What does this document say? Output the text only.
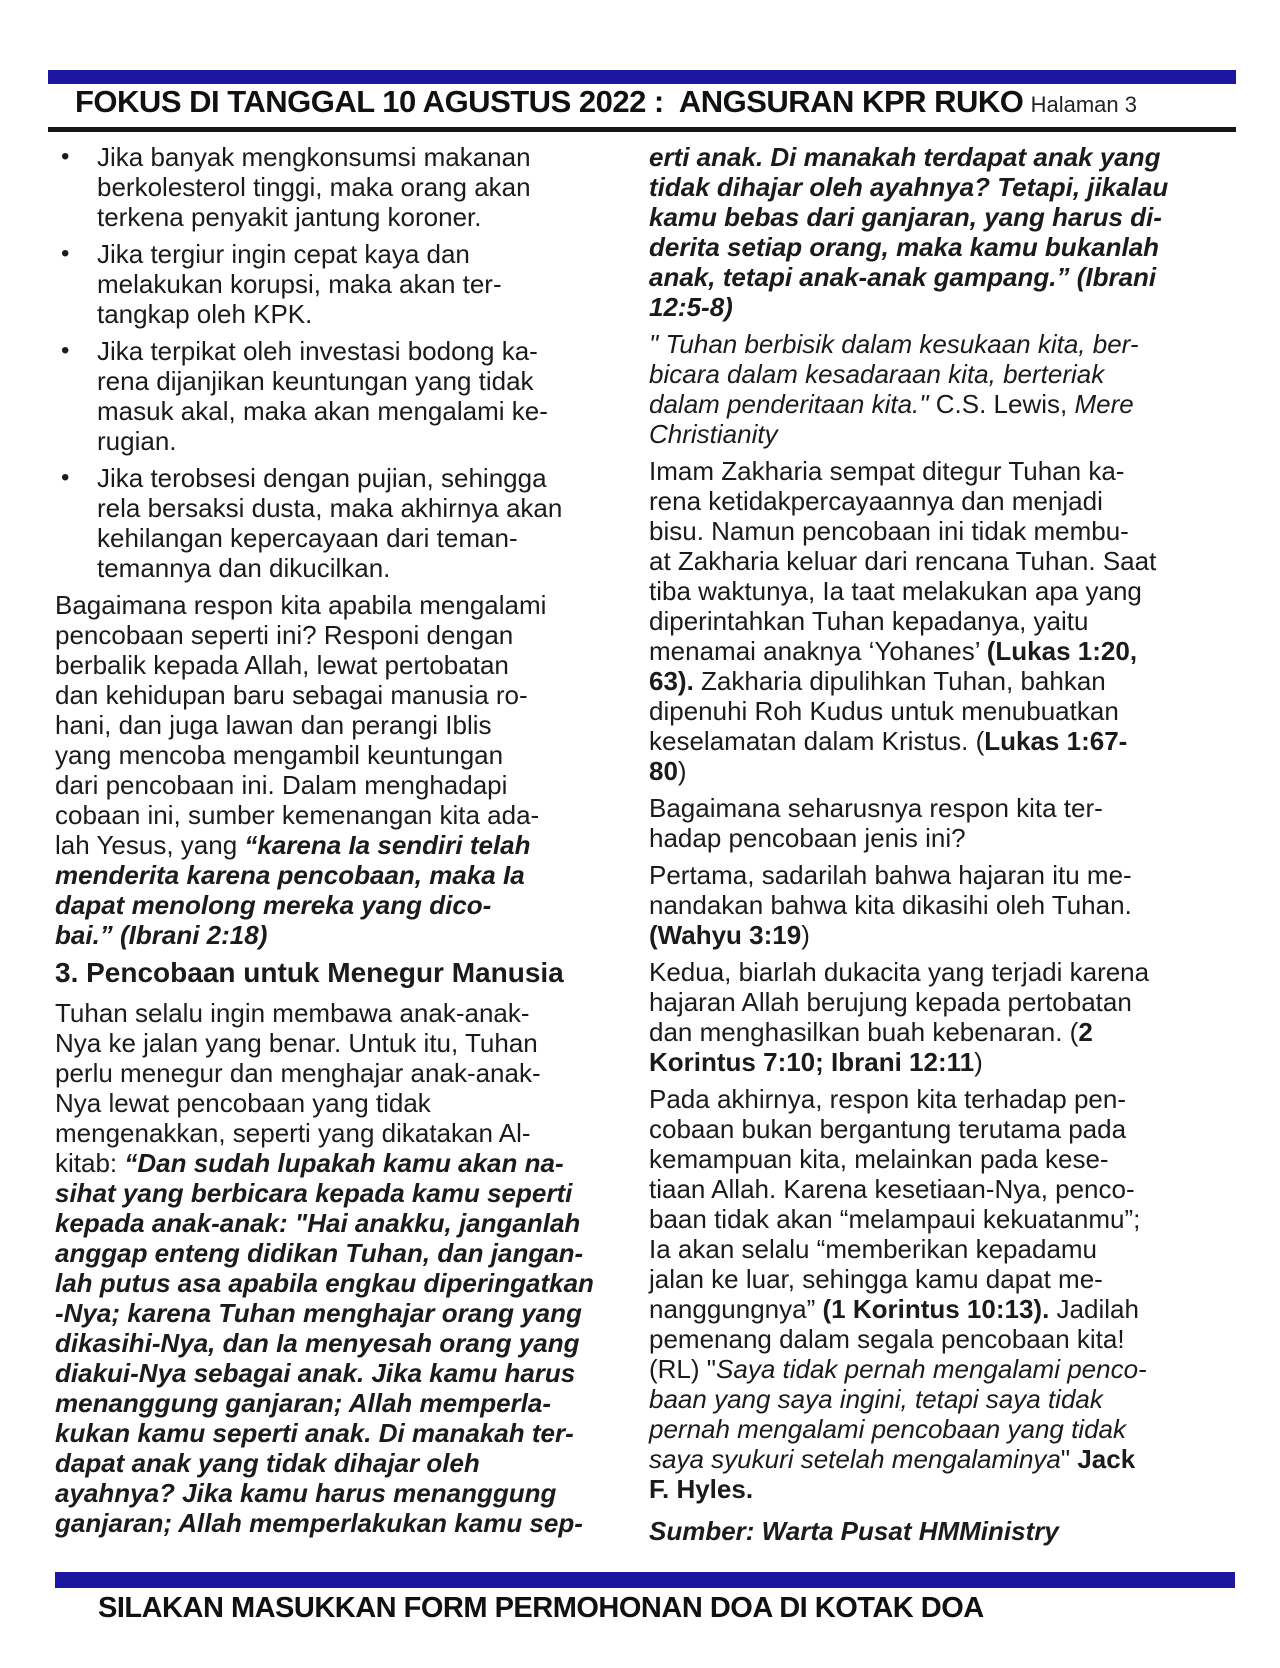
FOKUS DI TANGGAL 10 AGUSTUS 2022 :  ANGSURAN KPR RUKO Halaman 3
•	Jika banyak mengkonsumsi makanan
berkolesterol tinggi, maka orang akan
terkena penyakit jantung koroner.
•	Jika tergiur ingin cepat kaya dan
melakukan korupsi, maka akan ter-
tangkap oleh KPK.
•	Jika terpikat oleh investasi bodong ka-
rena dijanjikan keuntungan yang tidak
masuk akal, maka akan mengalami ke-
rugian.
•	Jika terobsesi dengan pujian, sehingga
rela bersaksi dusta, maka akhirnya akan
kehilangan kepercayaan dari teman-
temannya dan dikucilkan.
Bagaimana respon kita apabila mengalami
pencobaan seperti ini? Responi dengan
berbalik kepada Allah, lewat pertobatan
dan kehidupan baru sebagai manusia ro-
hani, dan juga lawan dan perangi Iblis
yang mencoba mengambil keuntungan
dari pencobaan ini. Dalam menghadapi
cobaan ini, sumber kemenangan kita ada-
lah Yesus, yang “karena Ia sendiri telah
menderita karena pencobaan, maka Ia
dapat menolong mereka yang dico-
bai.” (Ibrani 2:18)
3. Pencobaan untuk Menegur Manusia
Tuhan selalu ingin membawa anak-anak-
Nya ke jalan yang benar. Untuk itu, Tuhan
perlu menegur dan menghajar anak-anak-
Nya lewat pencobaan yang tidak
mengenakkan, seperti yang dikatakan Al-
kitab: “Dan sudah lupakah kamu akan na-
sihat yang berbicara kepada kamu seperti
kepada anak-anak: "Hai anakku, janganlah
anggap enteng didikan Tuhan, dan jangan-
lah putus asa apabila engkau diperingatkan
-Nya; karena Tuhan menghajar orang yang
dikasihi-Nya, dan Ia menyesah orang yang
diakui-Nya sebagai anak. Jika kamu harus
menanggung ganjaran; Allah memperla-
kukan kamu seperti anak. Di manakah ter-
dapat anak yang tidak dihajar oleh
ayahnya? Jika kamu harus menanggung
ganjaran; Allah memperlakukan kamu sep-
erti anak. Di manakah terdapat anak yang
tidak dihajar oleh ayahnya? Tetapi, jikalau
kamu bebas dari ganjaran, yang harus di-
derita setiap orang, maka kamu bukanlah
anak, tetapi anak-anak gampang.” (Ibrani
12:5-8)
" Tuhan berbisik dalam kesukaan kita, ber-
bicara dalam kesadaraan kita, berteriak
dalam penderitaan kita." C.S. Lewis, Mere
Christianity
Imam Zakharia sempat ditegur Tuhan ka-
rena ketidakpercayaannya dan menjadi
bisu. Namun pencobaan ini tidak membu-
at Zakharia keluar dari rencana Tuhan. Saat
tiba waktunya, Ia taat melakukan apa yang
diperintahkan Tuhan kepadanya, yaitu
menamai anaknya ‘Yohanes’ (Lukas 1:20,
63). Zakharia dipulihkan Tuhan, bahkan
dipenuhi Roh Kudus untuk menubuatkan
keselamatan dalam Kristus. (Lukas 1:67-
80)
Bagaimana seharusnya respon kita ter-
hadap pencobaan jenis ini?
Pertama, sadarilah bahwa hajaran itu me-
nandakan bahwa kita dikasihi oleh Tuhan.
(Wahyu 3:19)
Kedua, biarlah dukacita yang terjadi karena
hajaran Allah berujung kepada pertobatan
dan menghasilkan buah kebenaran. (2
Korintus 7:10; Ibrani 12:11)
Pada akhirnya, respon kita terhadap pen-
cobaan bukan bergantung terutama pada
kemampuan kita, melainkan pada kese-
tiaan Allah. Karena kesetiaan-Nya, penco-
baan tidak akan “melampaui kekuatanmu”;
Ia akan selalu “memberikan kepadamu
jalan ke luar, sehingga kamu dapat me-
nanggungnya” (1 Korintus 10:13). Jadilah
pemenang dalam segala pencobaan kita!
(RL) "Saya tidak pernah mengalami penco-
baan yang saya ingini, tetapi saya tidak
pernah mengalami pencobaan yang tidak
saya syukuri setelah mengalaminya" Jack
F. Hyles.
Sumber: Warta Pusat HMMinistry
SILAKAN MASUKKAN FORM PERMOHONAN DOA DI KOTAK DOA
